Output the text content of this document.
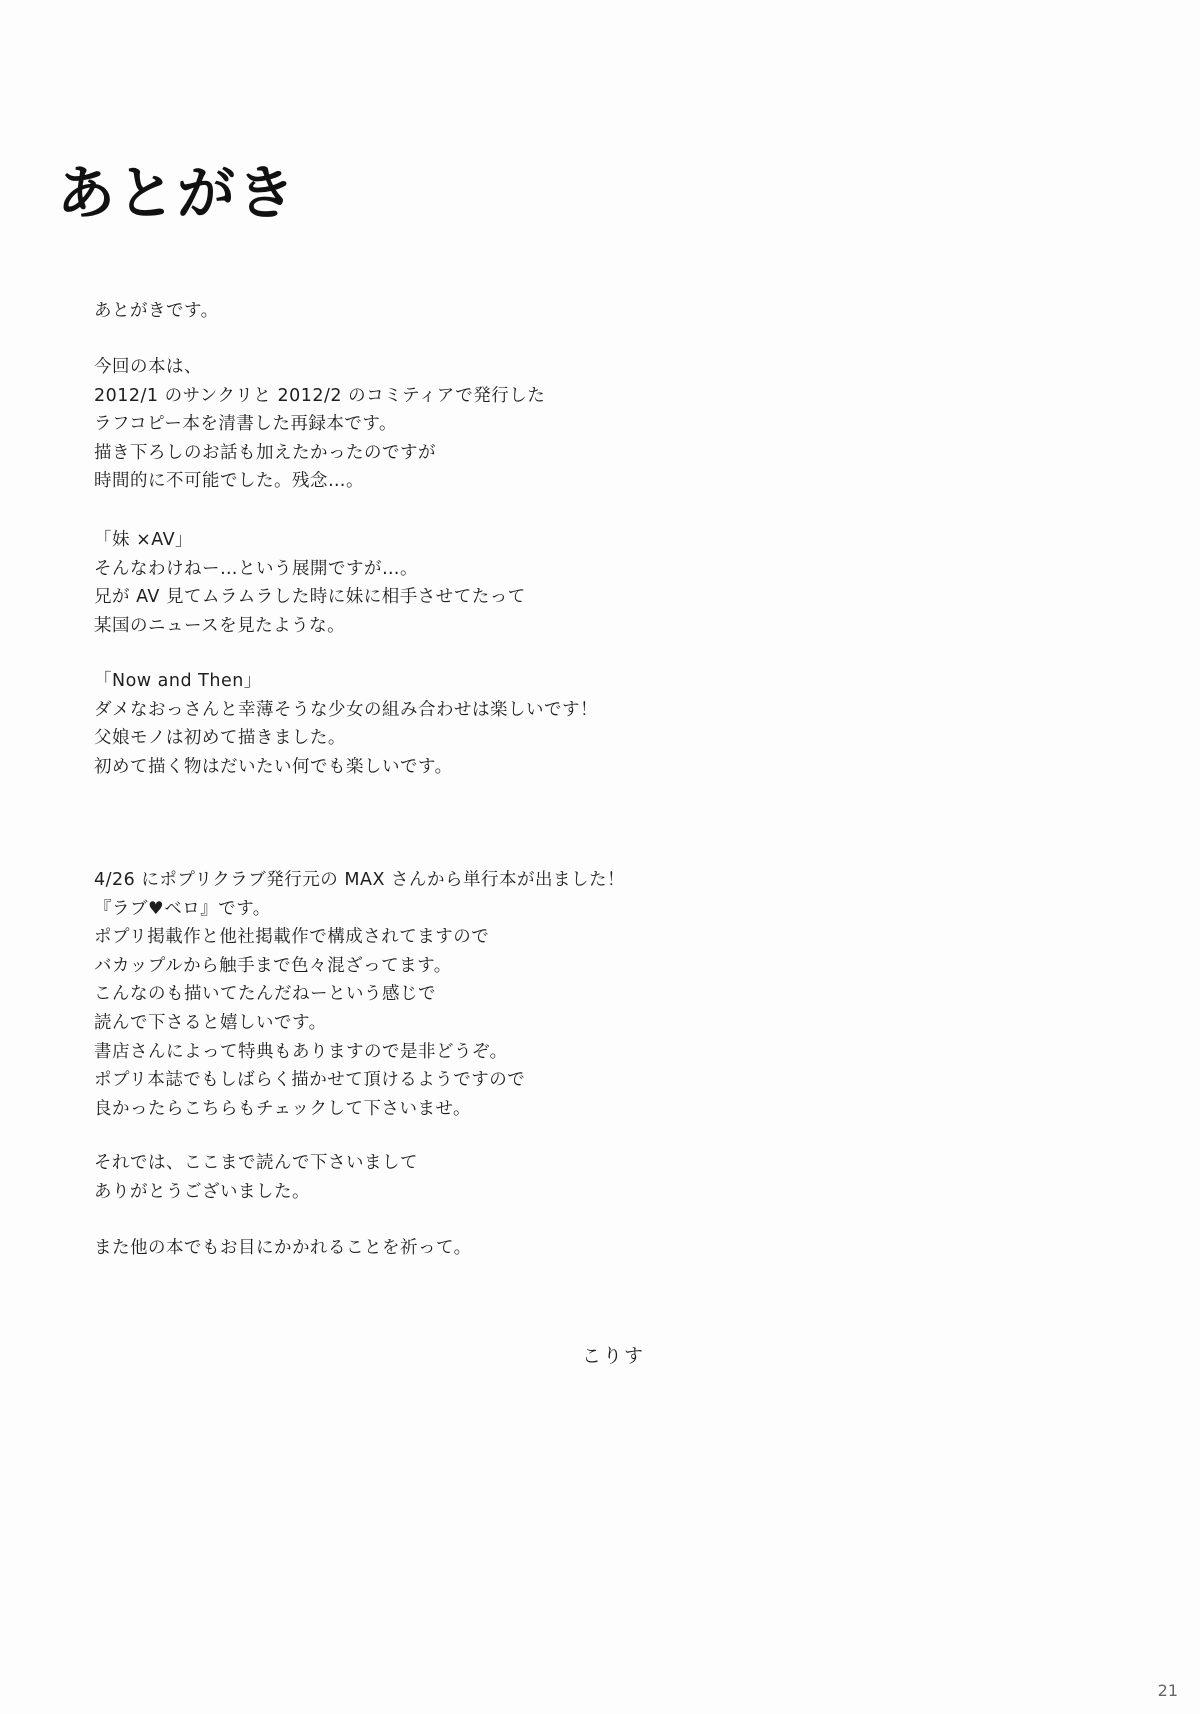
あとがき
あとがきです。
今回の本は、
2012/1 のサンクリと 2012/2 のコミティアで発行した
ラフコピー本を清書した再録本です。
描き下ろしのお話も加えたかったのですが
時間的に不可能でした。残念…。
「妹 ×AV」
そんなわけねー…という展開ですが…。
兄が AV 見てムラムラした時に妹に相手させてたって
某国のニュースを見たような。
「Now and Then」
ダメなおっさんと幸薄そうな少女の組み合わせは楽しいです！
父娘モノは初めて描きました。
初めて描く物はだいたい何でも楽しいです。
4/26 にポプリクラブ発行元の MAX さんから単行本が出ました！
『ラブ♥ベロ』です。
ポプリ掲載作と他社掲載作で構成されてますので
バカップルから触手まで色々混ざってます。
こんなのも描いてたんだねーという感じで
読んで下さると嬉しいです。
書店さんによって特典もありますので是非どうぞ。
ポプリ本誌でもしばらく描かせて頂けるようですので
良かったらこちらもチェックして下さいませ。
それでは、ここまで読んで下さいまして
ありがとうございました。
また他の本でもお目にかかれることを祈って。
こりす
21
